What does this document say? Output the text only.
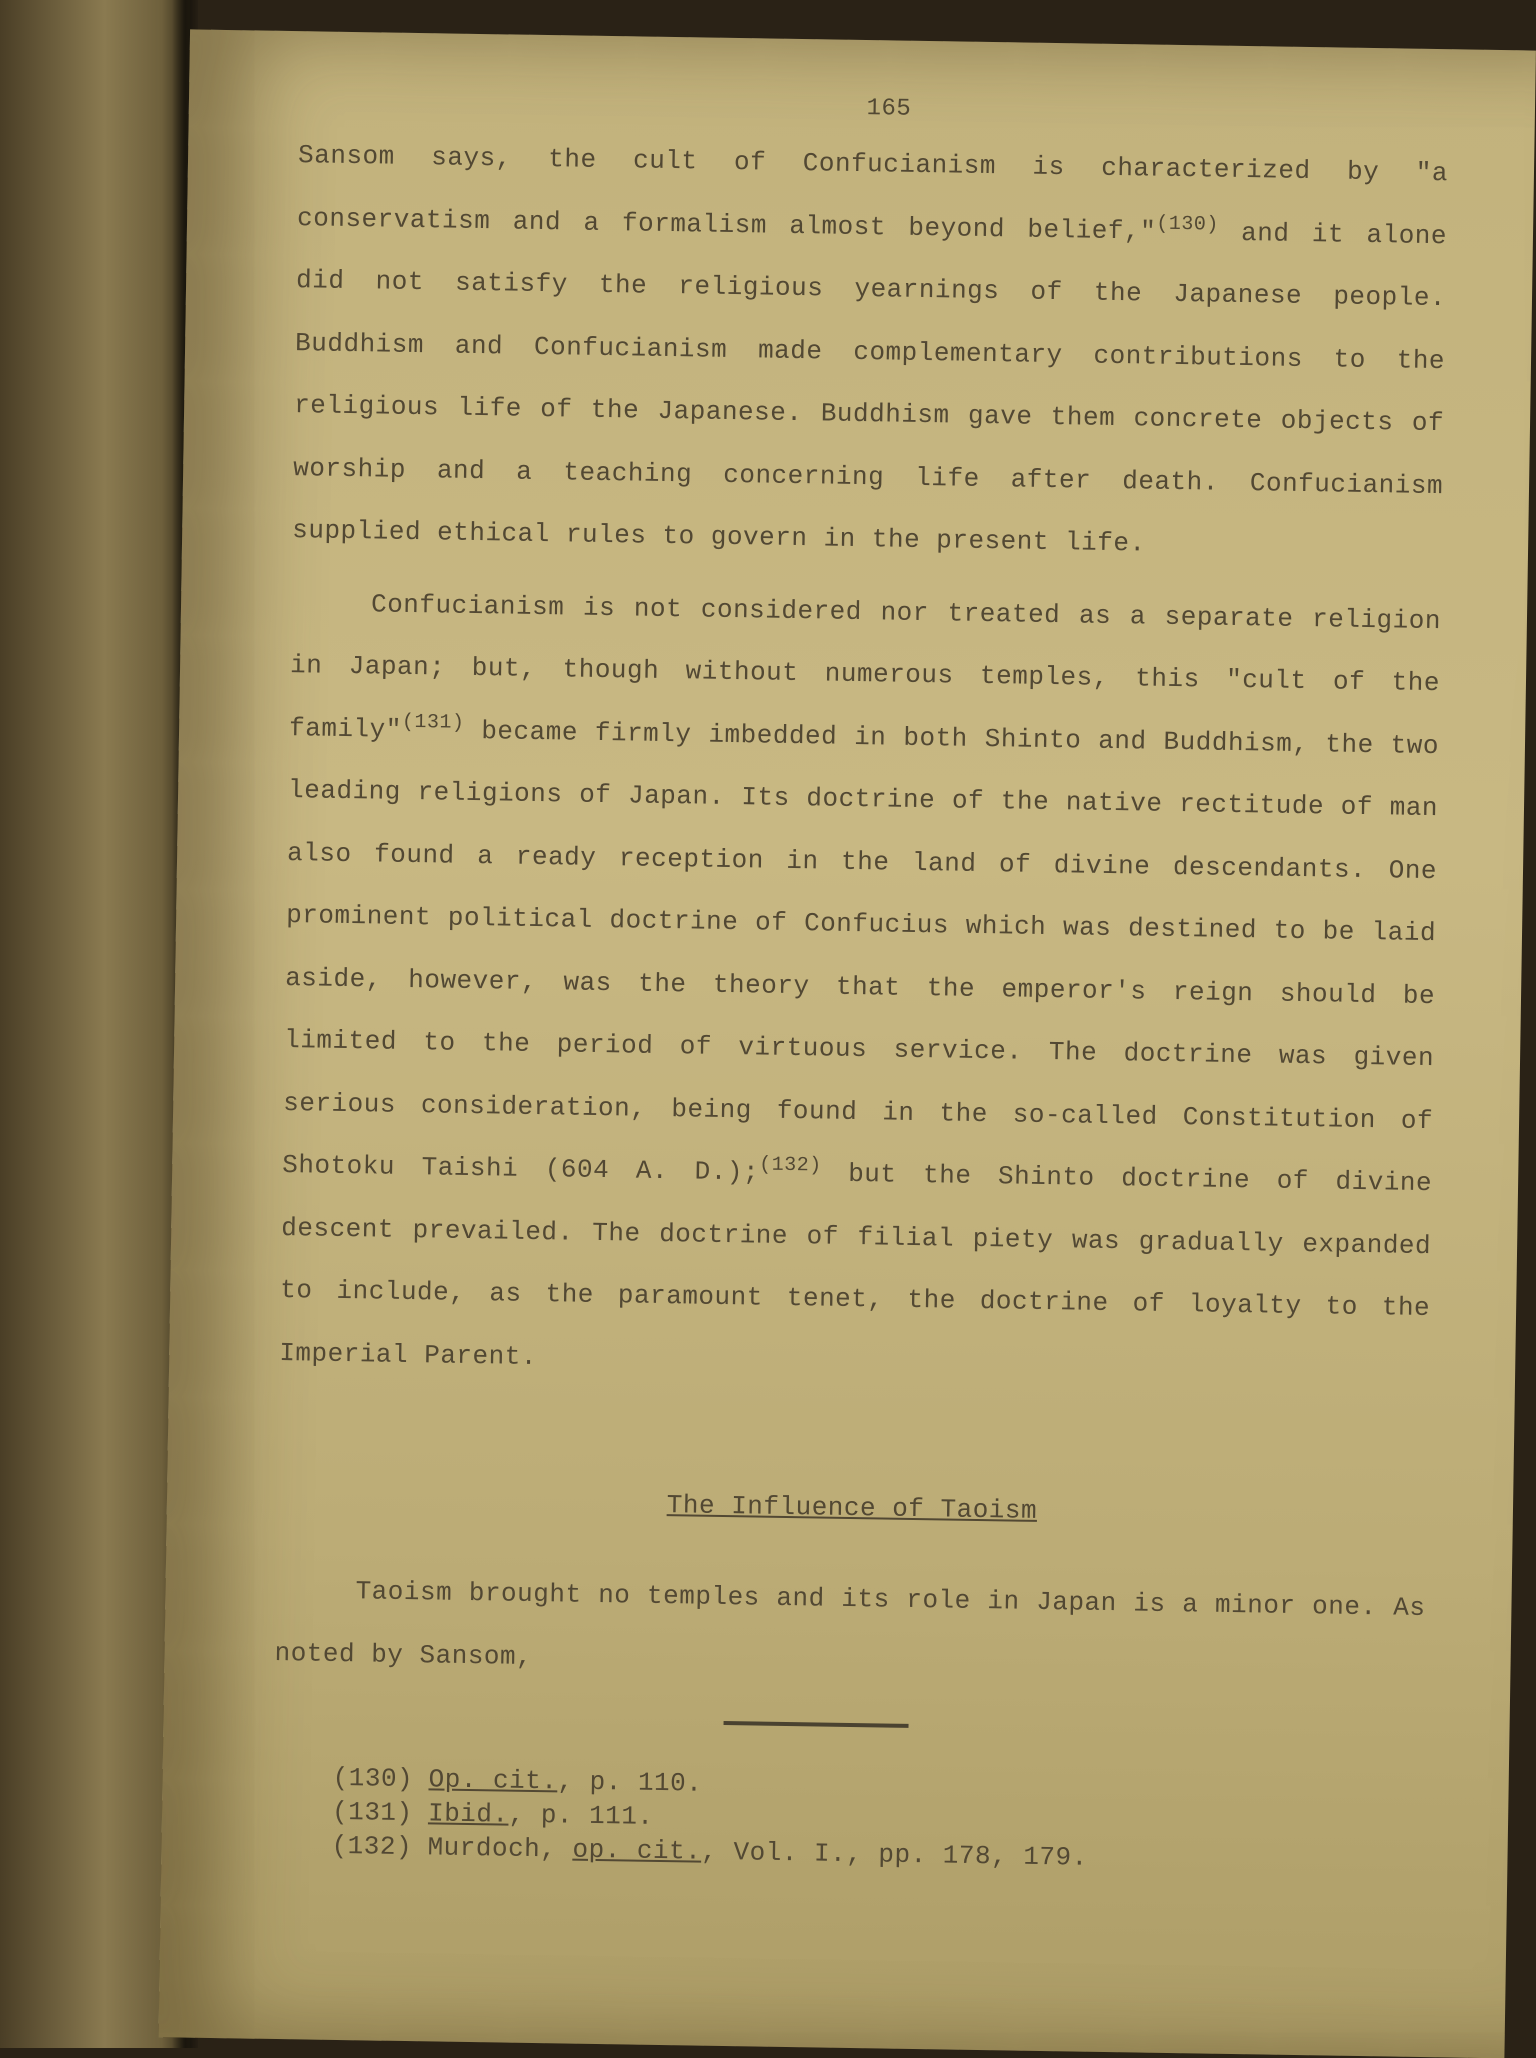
165

Sansom says, the cult of Confucianism is characterized by "a conservatism and a formalism almost beyond belief,"$^{(130)}$ and it alone did not satisfy the religious yearnings of the Japanese people. Buddhism and Confucianism made complementary contributions to the religious life of the Japanese. Buddhism gave them concrete objects of worship and a teaching concerning life after death. Confucianism supplied ethical rules to govern in the present life.

Confucianism is not considered nor treated as a separate religion in Japan; but, though without numerous temples, this "cult of the family"$^{(131)}$ became firmly imbedded in both Shinto and Buddhism, the two leading religions of Japan. Its doctrine of the native rectitude of man also found a ready reception in the land of divine descendants. One prominent political doctrine of Confucius which was destined to be laid aside, however, was the theory that the emperor's reign should be limited to the period of virtuous service. The doctrine was given serious consideration, being found in the so-called Constitution of Shotoku Taishi (604 A. D.);$^{(132)}$ but the Shinto doctrine of divine descent prevailed. The doctrine of filial piety was gradually expanded to include, as the paramount tenet, the doctrine of loyalty to the Imperial Parent.

The Influence of Taoism

Taoism brought no temples and its role in Japan is a minor one. As noted by Sansom,

(130) Op. cit., p. 110.
(131) Ibid., p. 111.
(132) Murdoch, op. cit., Vol. I., pp. 178, 179.
